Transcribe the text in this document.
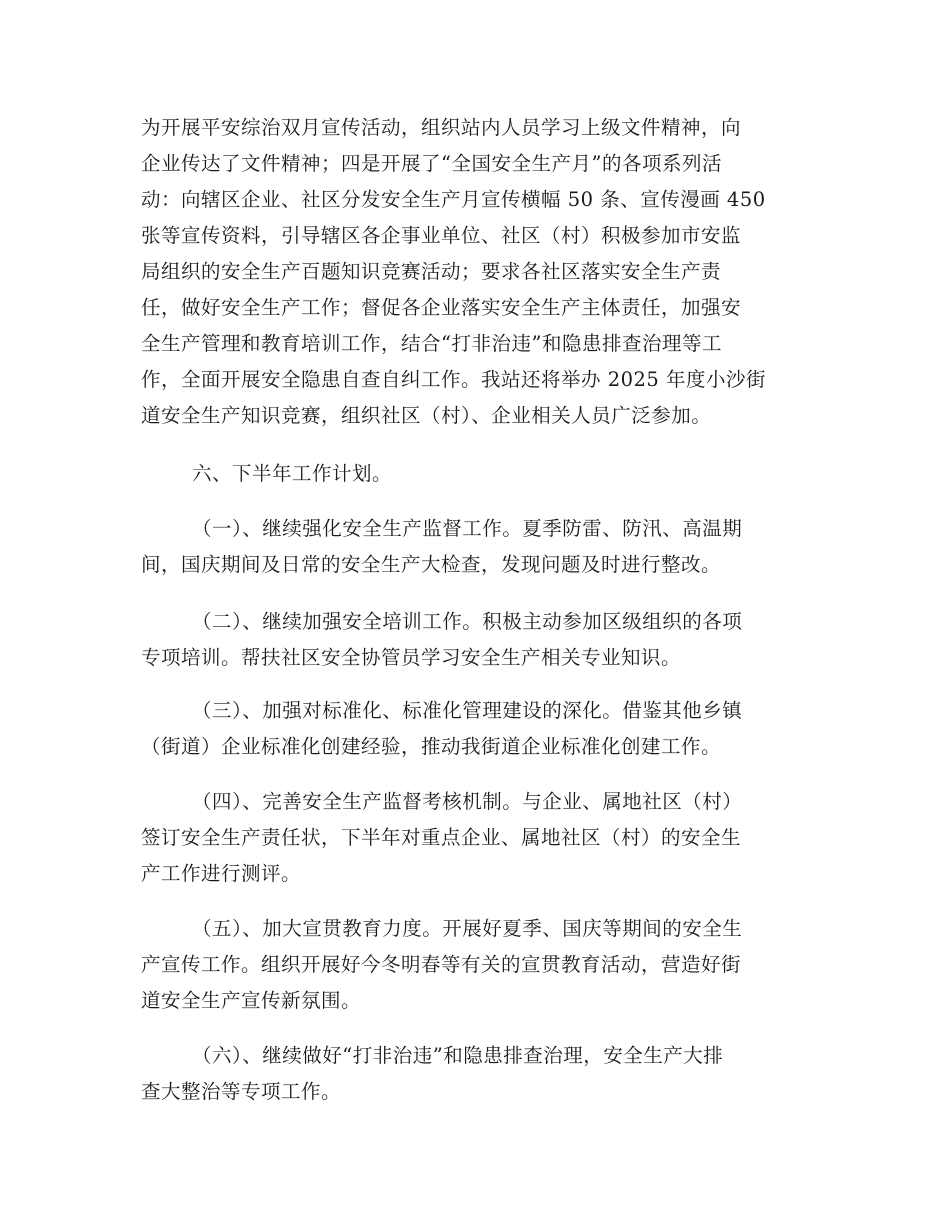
为开展平安综治双月宣传活动，组织站内人员学习上级文件精神，向
企业传达了文件精神；四是开展了“全国安全生产月”的各项系列活
动：向辖区企业、社区分发安全生产月宣传横幅 50 条、宣传漫画 450
张等宣传资料，引导辖区各企事业单位、社区（村）积极参加市安监
局组织的安全生产百题知识竞赛活动；要求各社区落实安全生产责
任，做好安全生产工作；督促各企业落实安全生产主体责任，加强安
全生产管理和教育培训工作，结合“打非治违”和隐患排查治理等工
作，全面开展安全隐患自查自纠工作。我站还将举办 2025 年度小沙街
道安全生产知识竞赛，组织社区（村）、企业相关人员广泛参加。
六、下半年工作计划。
（一）、继续强化安全生产监督工作。夏季防雷、防汛、高温期
间，国庆期间及日常的安全生产大检查，发现问题及时进行整改。
（二）、继续加强安全培训工作。积极主动参加区级组织的各项
专项培训。帮扶社区安全协管员学习安全生产相关专业知识。
（三）、加强对标准化、标准化管理建设的深化。借鉴其他乡镇
（街道）企业标准化创建经验，推动我街道企业标准化创建工作。
（四）、完善安全生产监督考核机制。与企业、属地社区（村）
签订安全生产责任状，下半年对重点企业、属地社区（村）的安全生
产工作进行测评。
（五）、加大宣贯教育力度。开展好夏季、国庆等期间的安全生
产宣传工作。组织开展好今冬明春等有关的宣贯教育活动，营造好街
道安全生产宣传新氛围。
（六）、继续做好“打非治违”和隐患排查治理，安全生产大排
查大整治等专项工作。
